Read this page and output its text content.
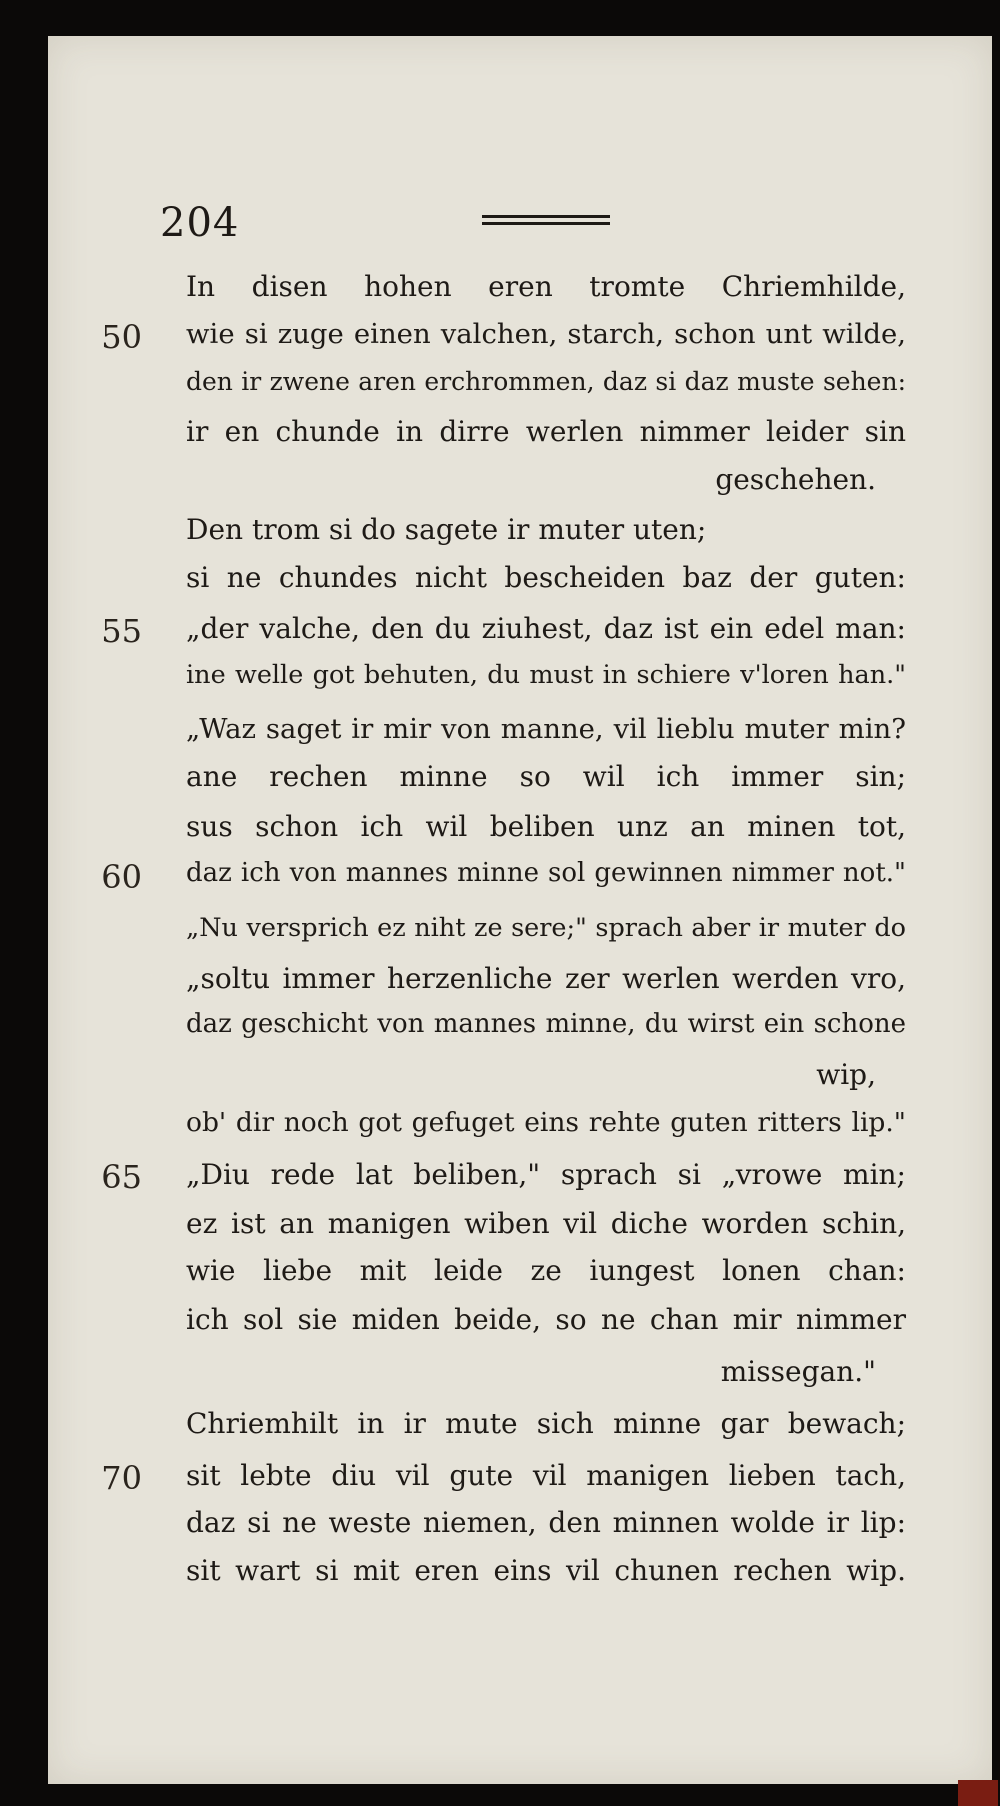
204
In disen hohen eren tromte Chriemhilde,
50 wie si zuge einen valchen, starch, schon unt wilde,
den ir zwene aren erchrommen, daz si daz muste sehen:
ir en chunde in dirre werlen nimmer leider sin
geschehen.
Den trom si do sagete ir muter uten;
si ne chundes nicht bescheiden baz der guten:
55 „der valche, den du ziuhest, daz ist ein edel man:
ine welle got behuten, du must in schiere v'loren han."
„Waz saget ir mir von manne, vil lieblu muter min?
ane rechen minne so wil ich immer sin;
sus schon ich wil beliben unz an minen tot,
60 daz ich von mannes minne sol gewinnen nimmer not."
„Nu versprich ez niht ze sere;" sprach aber ir muter do
„soltu immer herzenliche zer werlen werden vro,
daz geschicht von mannes minne, du wirst ein schone
wip,
ob' dir noch got gefuget eins rehte guten ritters lip."
65 „Diu rede lat beliben," sprach si „vrowe min;
ez ist an manigen wiben vil diche worden schin,
wie liebe mit leide ze iungest lonen chan:
ich sol sie miden beide, so ne chan mir nimmer
missegan."
Chriemhilt in ir mute sich minne gar bewach;
70 sit lebte diu vil gute vil manigen lieben tach,
daz si ne weste niemen, den minnen wolde ir lip:
sit wart si mit eren eins vil chunen rechen wip.
